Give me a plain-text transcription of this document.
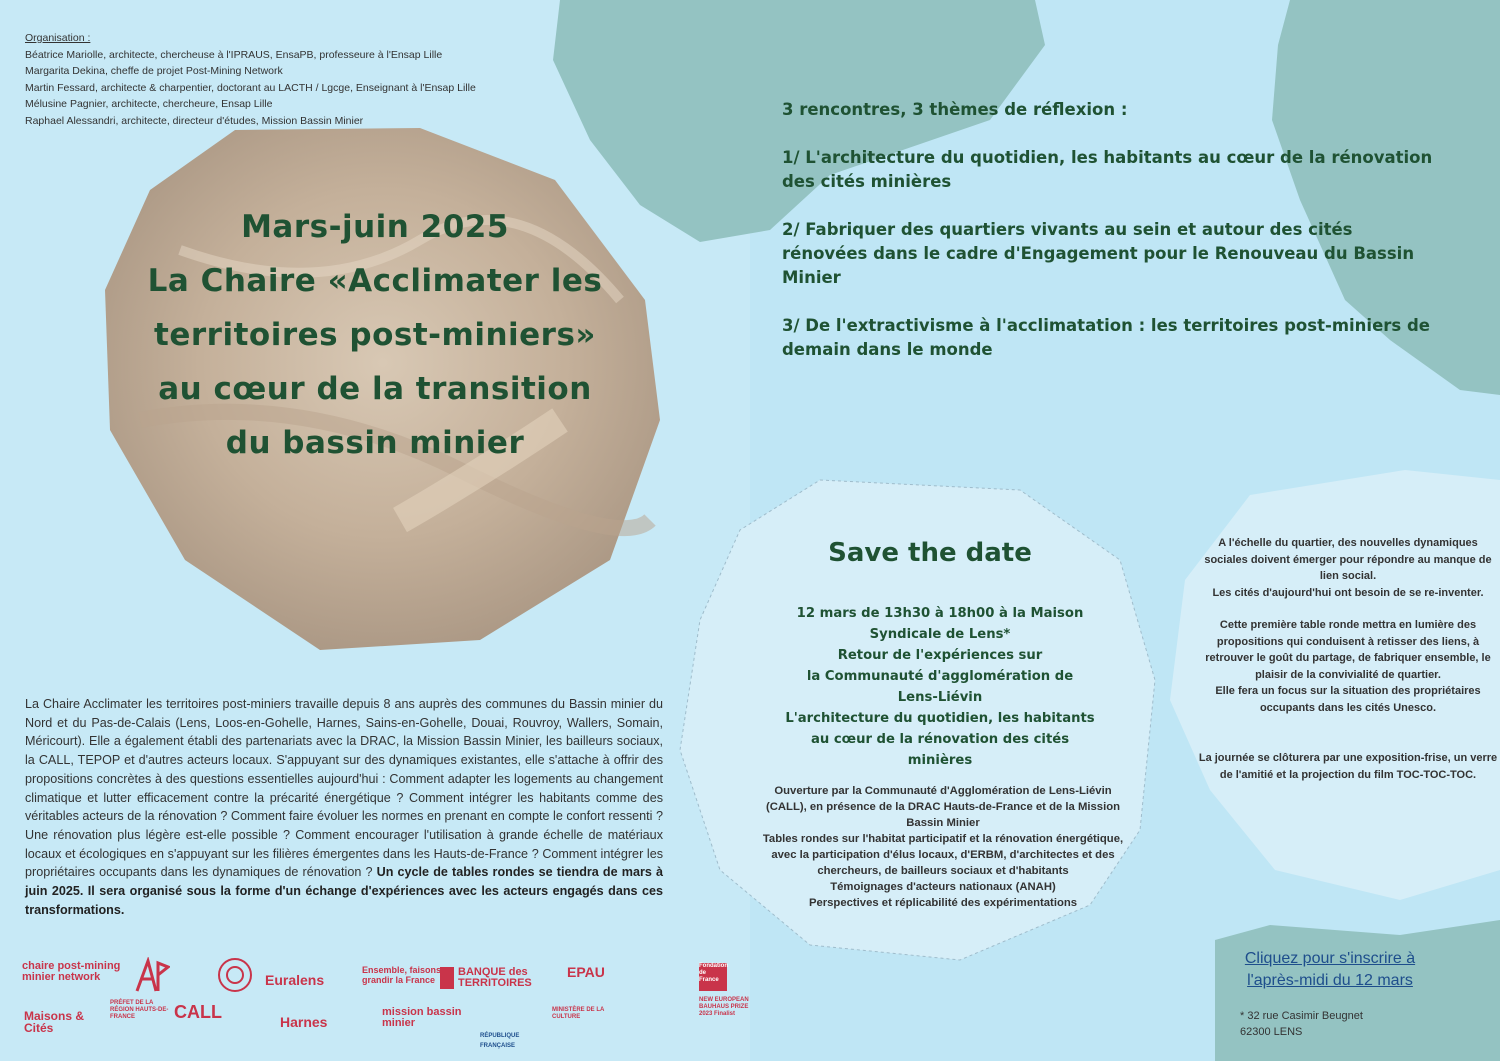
Organisation :
Béatrice Mariolle, architecte, chercheuse à l'IPRAUS, EnsaPB, professeure à l'Ensap Lille
Margarita Dekina, cheffe de projet Post-Mining Network
Martin Fessard, architecte & charpentier, doctorant au LACTH / Lgcge, Enseignant à l'Ensap Lille
Mélusine Pagnier, architecte, chercheure, Ensap Lille
Raphael Alessandri, architecte, directeur d'études, Mission Bassin Minier
Mars-juin 2025
La Chaire «Acclimater les
territoires post-miniers»
au cœur de la transition
du bassin minier

3 rencontres, 3 thèmes de réflexion :

1/ L'architecture du quotidien, les habitants au cœur de la rénovation des cités minières

2/ Fabriquer des quartiers vivants au sein et autour des cités rénovées dans le cadre d'Engagement pour le Renouveau du Bassin Minier

3/ De l'extractivisme à l'acclimatation : les territoires post-miniers de demain dans le monde

La Chaire Acclimater les territoires post-miniers travaille depuis 8 ans auprès des communes du Bassin minier du Nord et du Pas-de-Calais (Lens, Loos-en-Gohelle, Harnes, Sains-en-Gohelle, Douai, Rouvroy, Wallers, Somain, Méricourt). Elle a également établi des partenariats avec la DRAC, la Mission Bassin Minier, les bailleurs sociaux, la CALL, TEPOP et d'autres acteurs locaux. S'appuyant sur des dynamiques existantes, elle s'attache à offrir des propositions concrètes à des questions essentielles aujourd'hui : Comment adapter les logements au changement climatique et lutter efficacement contre la précarité énergétique ? Comment intégrer les habitants comme des véritables acteurs de la rénovation ? Comment faire évoluer les normes en prenant en compte le confort ressenti ? Une rénovation plus légère est-elle possible ? Comment encourager l'utilisation à grande échelle de matériaux locaux et écologiques en s'appuyant sur les filières émergentes dans les Hauts-de-France ? Comment intégrer les propriétaires occupants dans les dynamiques de rénovation ? Un cycle de tables rondes se tiendra de mars à juin 2025. Il sera organisé sous la forme d'un échange d'expériences avec les acteurs engagés dans ces transformations.
Save the date
12 mars de 13h30 à 18h00 à la Maison
Syndicale de Lens*
Retour de l'expériences sur
la Communauté d'agglomération de
Lens-Liévin
L'architecture du quotidien, les habitants
au cœur de la rénovation des cités
minières
Ouverture par la Communauté d'Agglomération de Lens-Liévin (CALL), en présence de la DRAC Hauts-de-France et de la Mission Bassin Minier
Tables rondes sur l'habitat participatif et la rénovation énergétique, avec la participation d'élus locaux, d'ERBM, d'architectes et des chercheurs, de bailleurs sociaux et d'habitants
Témoignages d'acteurs nationaux (ANAH)
Perspectives et réplicabilité des expérimentations

A l'échelle du quartier, des nouvelles dynamiques sociales doivent émerger pour répondre au manque de lien social.
Les cités d'aujourd'hui ont besoin de se re-inventer.

Cette première table ronde mettra en lumière des propositions qui conduisent à retisser des liens, à retrouver le goût du partage, de fabriquer ensemble, le plaisir de la convivialité de quartier.
Elle fera un focus sur la situation des propriétaires occupants dans les cités Unesco.

La journée se clôturera par une exposition-frise, un verre de l'amitié et la projection du film TOC-TOC-TOC.

Cliquez pour s'inscrire à
l'après-midi du 12 mars
* 32 rue Casimir Beugnet
62300 LENS
chaire post-mining minier network	Euralens
Ensemble, faisons grandir la France
BANQUE des TERRITOIRES
EPAU	Fondation de France
Maisons & Cités
PRÉFET DE LA RÉGION HAUTS-DE-FRANCE	CALL	Harnes
mission bassin minier
RÉPUBLIQUE FRANÇAISE
MINISTÈRE DE LA CULTURE
NEW EUROPEAN BAUHAUS PRIZE 2023 Finalist
